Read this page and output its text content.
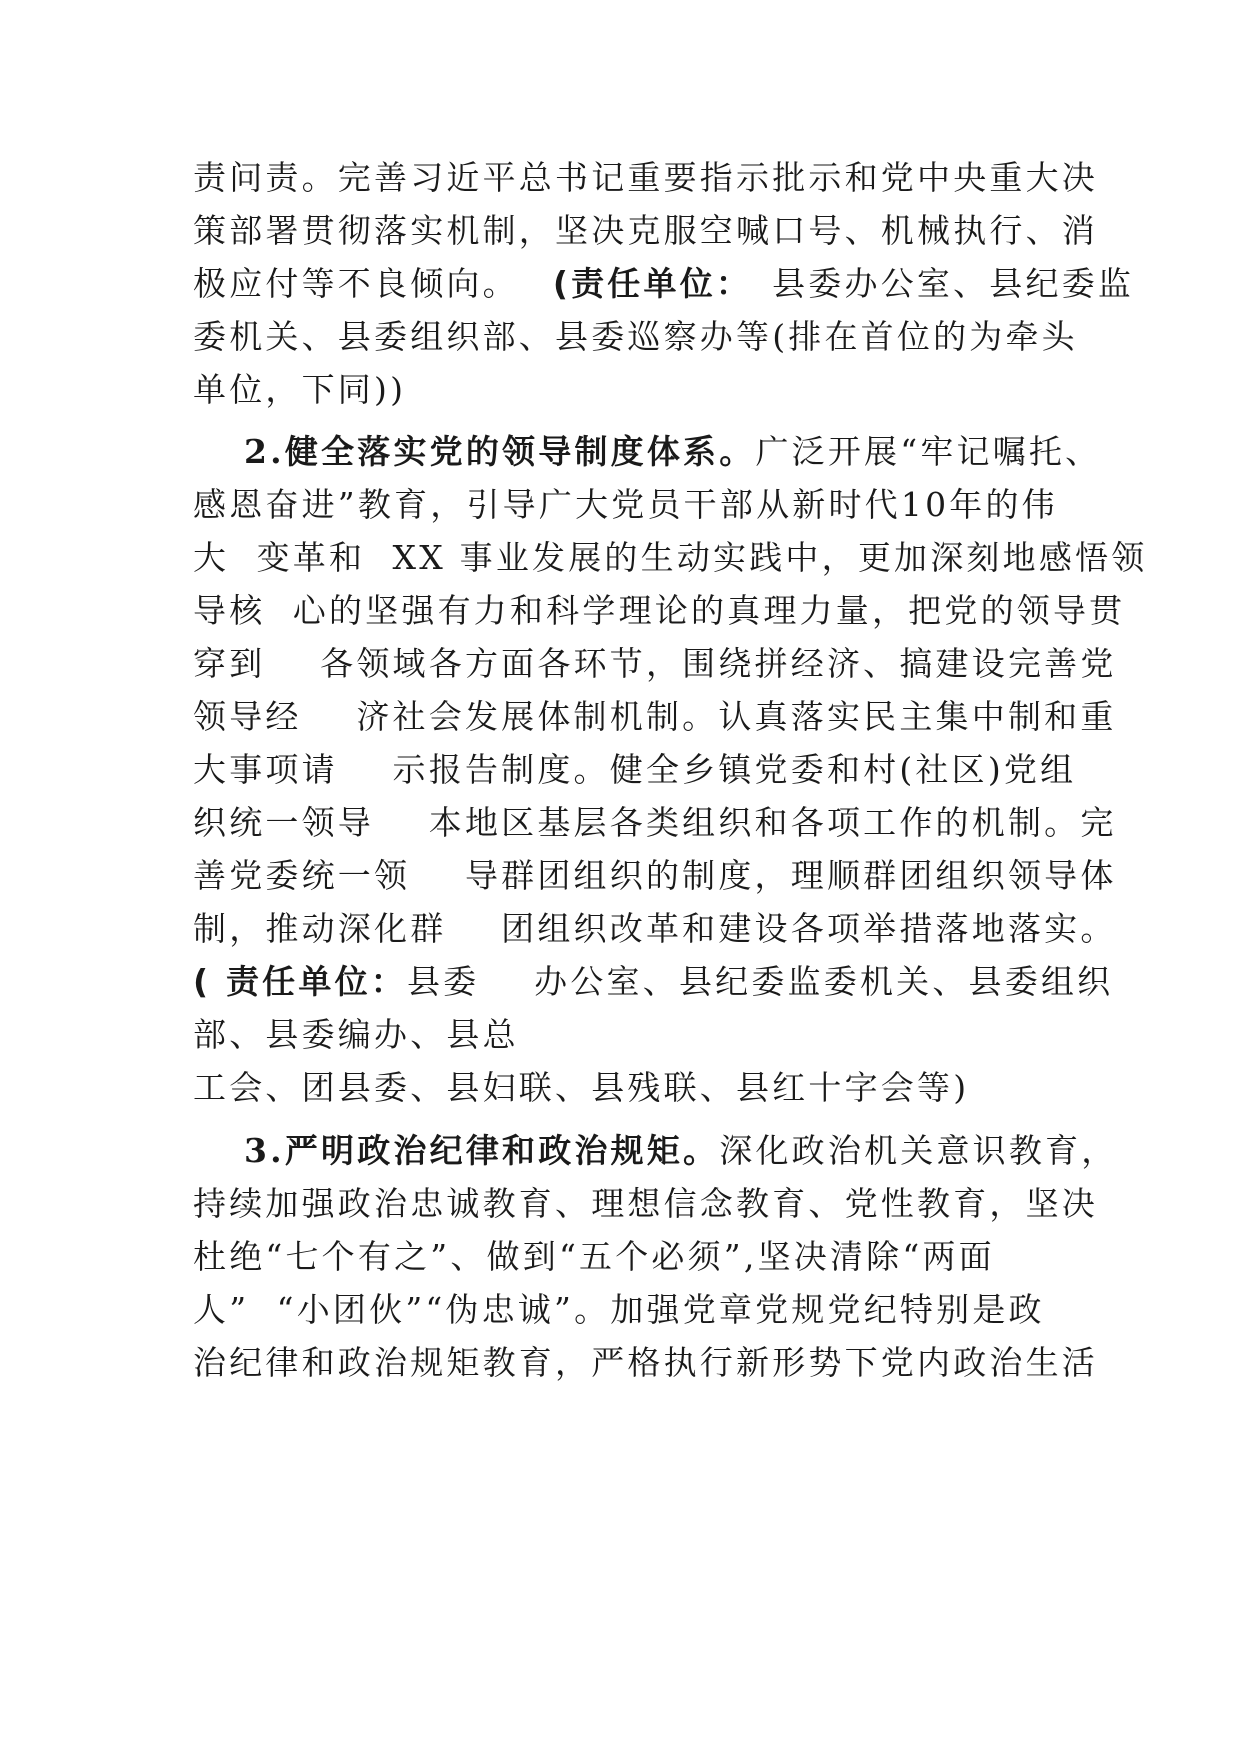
责问责。完善习近平总书记重要指示批示和党中央重大决
策部署贯彻落实机制，坚决克服空喊口号、机械执行、消
极应付等不良倾向。 (责任单位： 县委办公室、县纪委监
委机关、县委组织部、县委巡察办等(排在首位的为牵头
单位，下同))
2.健全落实党的领导制度体系。广泛开展“牢记嘱托、
感恩奋进”教育，引导广大党员干部从新时代10年的伟
大  变革和  XX 事业发展的生动实践中，更加深刻地感悟领
导核  心的坚强有力和科学理论的真理力量，把党的领导贯
穿到    各领域各方面各环节，围绕拼经济、搞建设完善党
领导经    济社会发展体制机制。认真落实民主集中制和重
大事项请    示报告制度。健全乡镇党委和村(社区)党组
织统一领导    本地区基层各类组织和各项工作的机制。完
善党委统一领    导群团组织的制度，理顺群团组织领导体
制，推动深化群    团组织改革和建设各项举措落地落实。
( 责任单位：县委    办公室、县纪委监委机关、县委组织
部、县委编办、县总
工会、团县委、县妇联、县残联、县红十字会等)
3.严明政治纪律和政治规矩。深化政治机关意识教育，
持续加强政治忠诚教育、理想信念教育、党性教育，坚决
杜绝“七个有之”、做到“五个必须”,坚决清除“两面
人”  “小团伙”“伪忠诚”。加强党章党规党纪特别是政
治纪律和政治规矩教育，严格执行新形势下党内政治生活
